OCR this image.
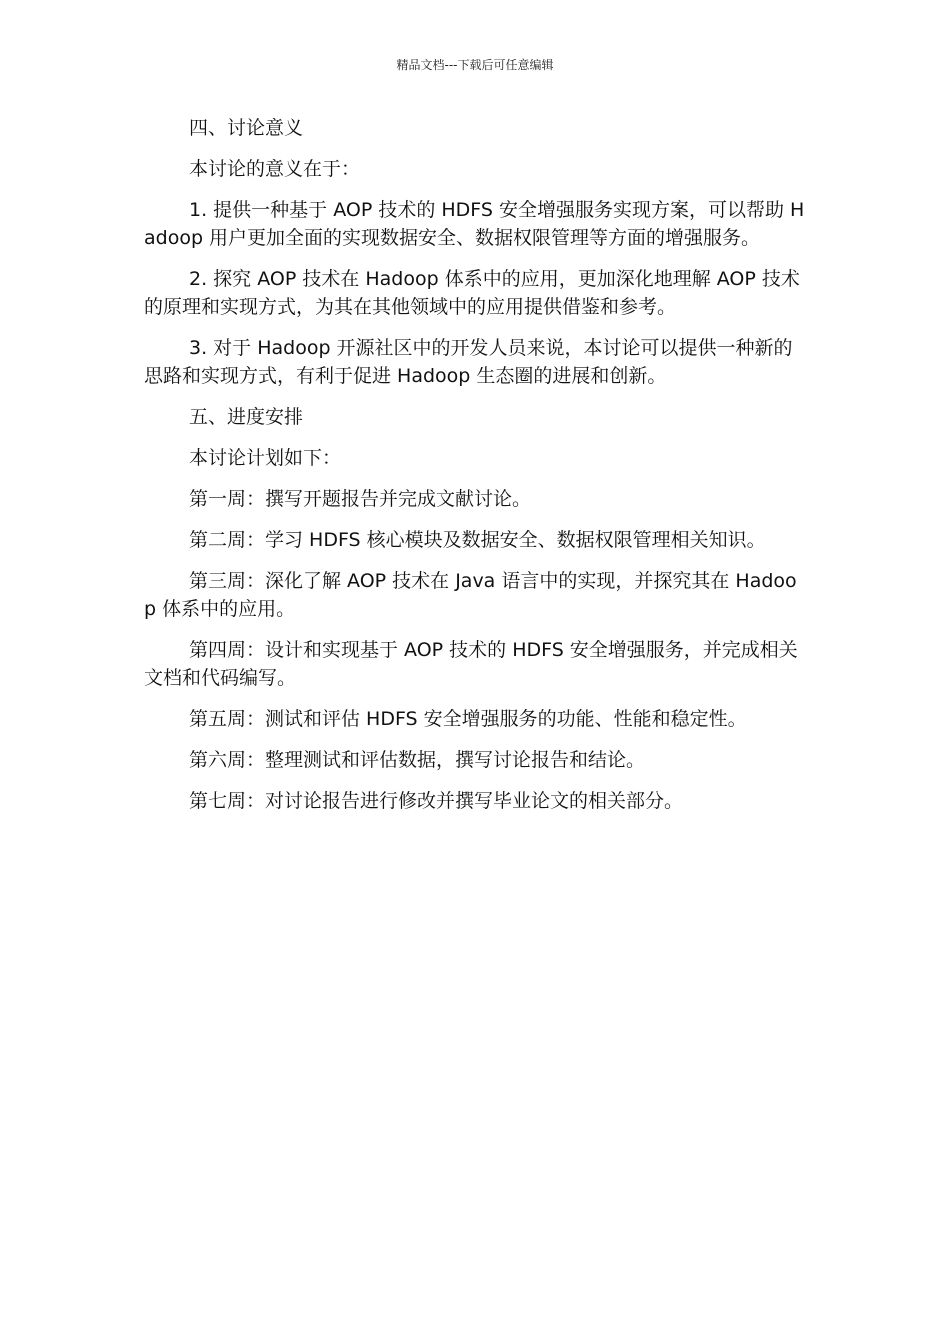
精品文档---下载后可任意编辑

四、讨论意义

本讨论的意义在于：

1. 提供一种基于 AOP 技术的 HDFS 安全增强服务实现方案，可以帮助 Hadoop 用户更加全面的实现数据安全、数据权限管理等方面的增强服务。

2. 探究 AOP 技术在 Hadoop 体系中的应用，更加深化地理解 AOP 技术的原理和实现方式，为其在其他领域中的应用提供借鉴和参考。

3. 对于 Hadoop 开源社区中的开发人员来说，本讨论可以提供一种新的思路和实现方式，有利于促进 Hadoop 生态圈的进展和创新。

五、进度安排

本讨论计划如下：

第一周：撰写开题报告并完成文献讨论。

第二周：学习 HDFS 核心模块及数据安全、数据权限管理相关知识。

第三周：深化了解 AOP 技术在 Java 语言中的实现，并探究其在 Hadoop 体系中的应用。

第四周：设计和实现基于 AOP 技术的 HDFS 安全增强服务，并完成相关文档和代码编写。

第五周：测试和评估 HDFS 安全增强服务的功能、性能和稳定性。

第六周：整理测试和评估数据，撰写讨论报告和结论。

第七周：对讨论报告进行修改并撰写毕业论文的相关部分。
